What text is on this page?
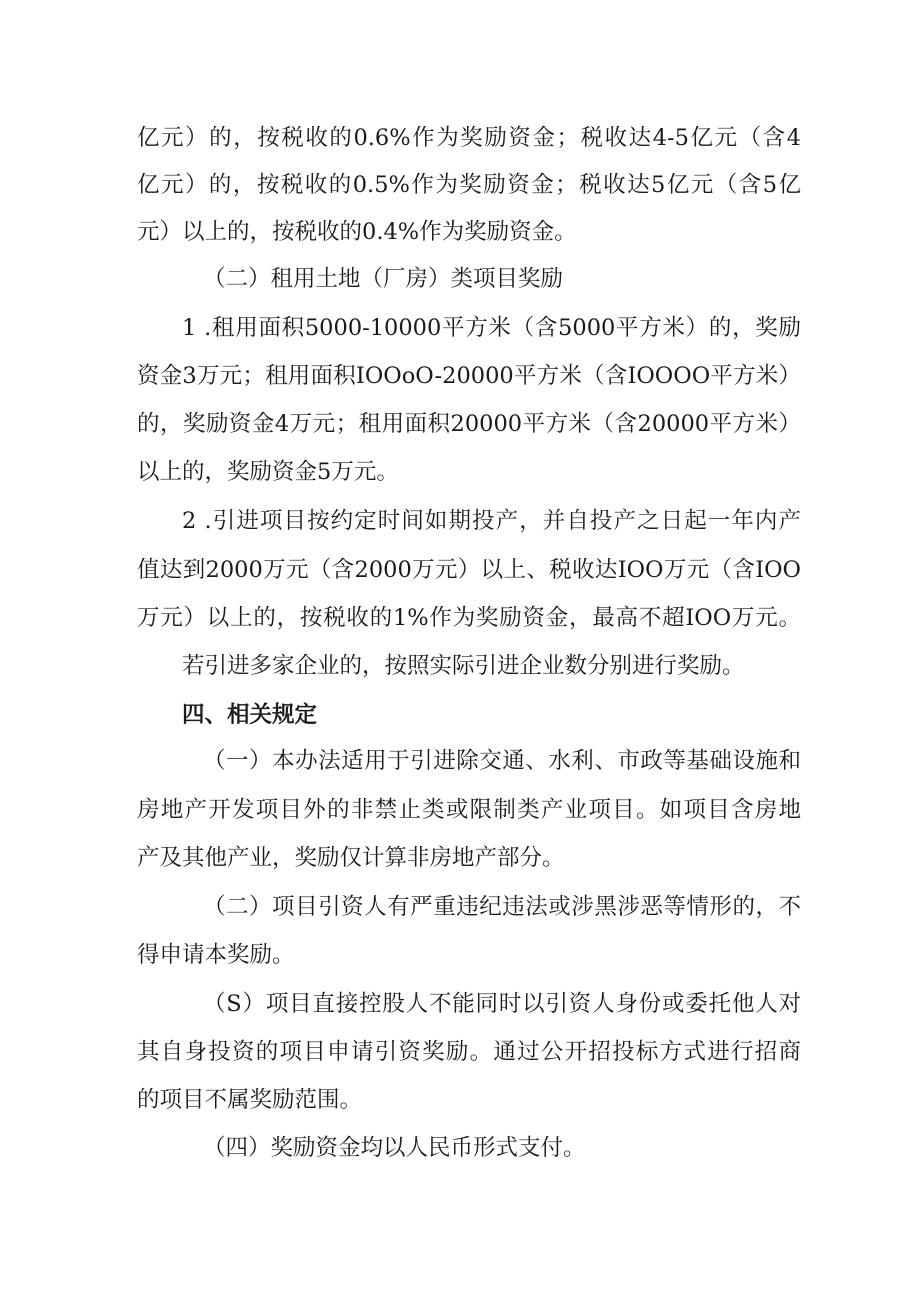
亿元）的，按税收的0.6%作为奖励资金；税收达4-5亿元（含4
亿元）的，按税收的0.5%作为奖励资金；税收达5亿元（含5亿
元）以上的，按税收的0.4%作为奖励资金。
（二）租用土地（厂房）类项目奖励
1 .租用面积5000-10000平方米（含5000平方米）的，奖励
资金3万元；租用面积IOOoO-20000平方米（含IOOOO平方米）
的，奖励资金4万元；租用面积20000平方米（含20000平方米）
以上的，奖励资金5万元。
2 .引进项目按约定时间如期投产，并自投产之日起一年内产
值达到2000万元（含2000万元）以上、税收达IOO万元（含IOO
万元）以上的，按税收的1%作为奖励资金，最高不超IOO万元。
若引进多家企业的，按照实际引进企业数分别进行奖励。
四、相关规定
（一）本办法适用于引进除交通、水利、市政等基础设施和
房地产开发项目外的非禁止类或限制类产业项目。如项目含房地
产及其他产业，奖励仅计算非房地产部分。
（二）项目引资人有严重违纪违法或涉黑涉恶等情形的，不
得申请本奖励。
（S）项目直接控股人不能同时以引资人身份或委托他人对
其自身投资的项目申请引资奖励。通过公开招投标方式进行招商
的项目不属奖励范围。
（四）奖励资金均以人民币形式支付。
